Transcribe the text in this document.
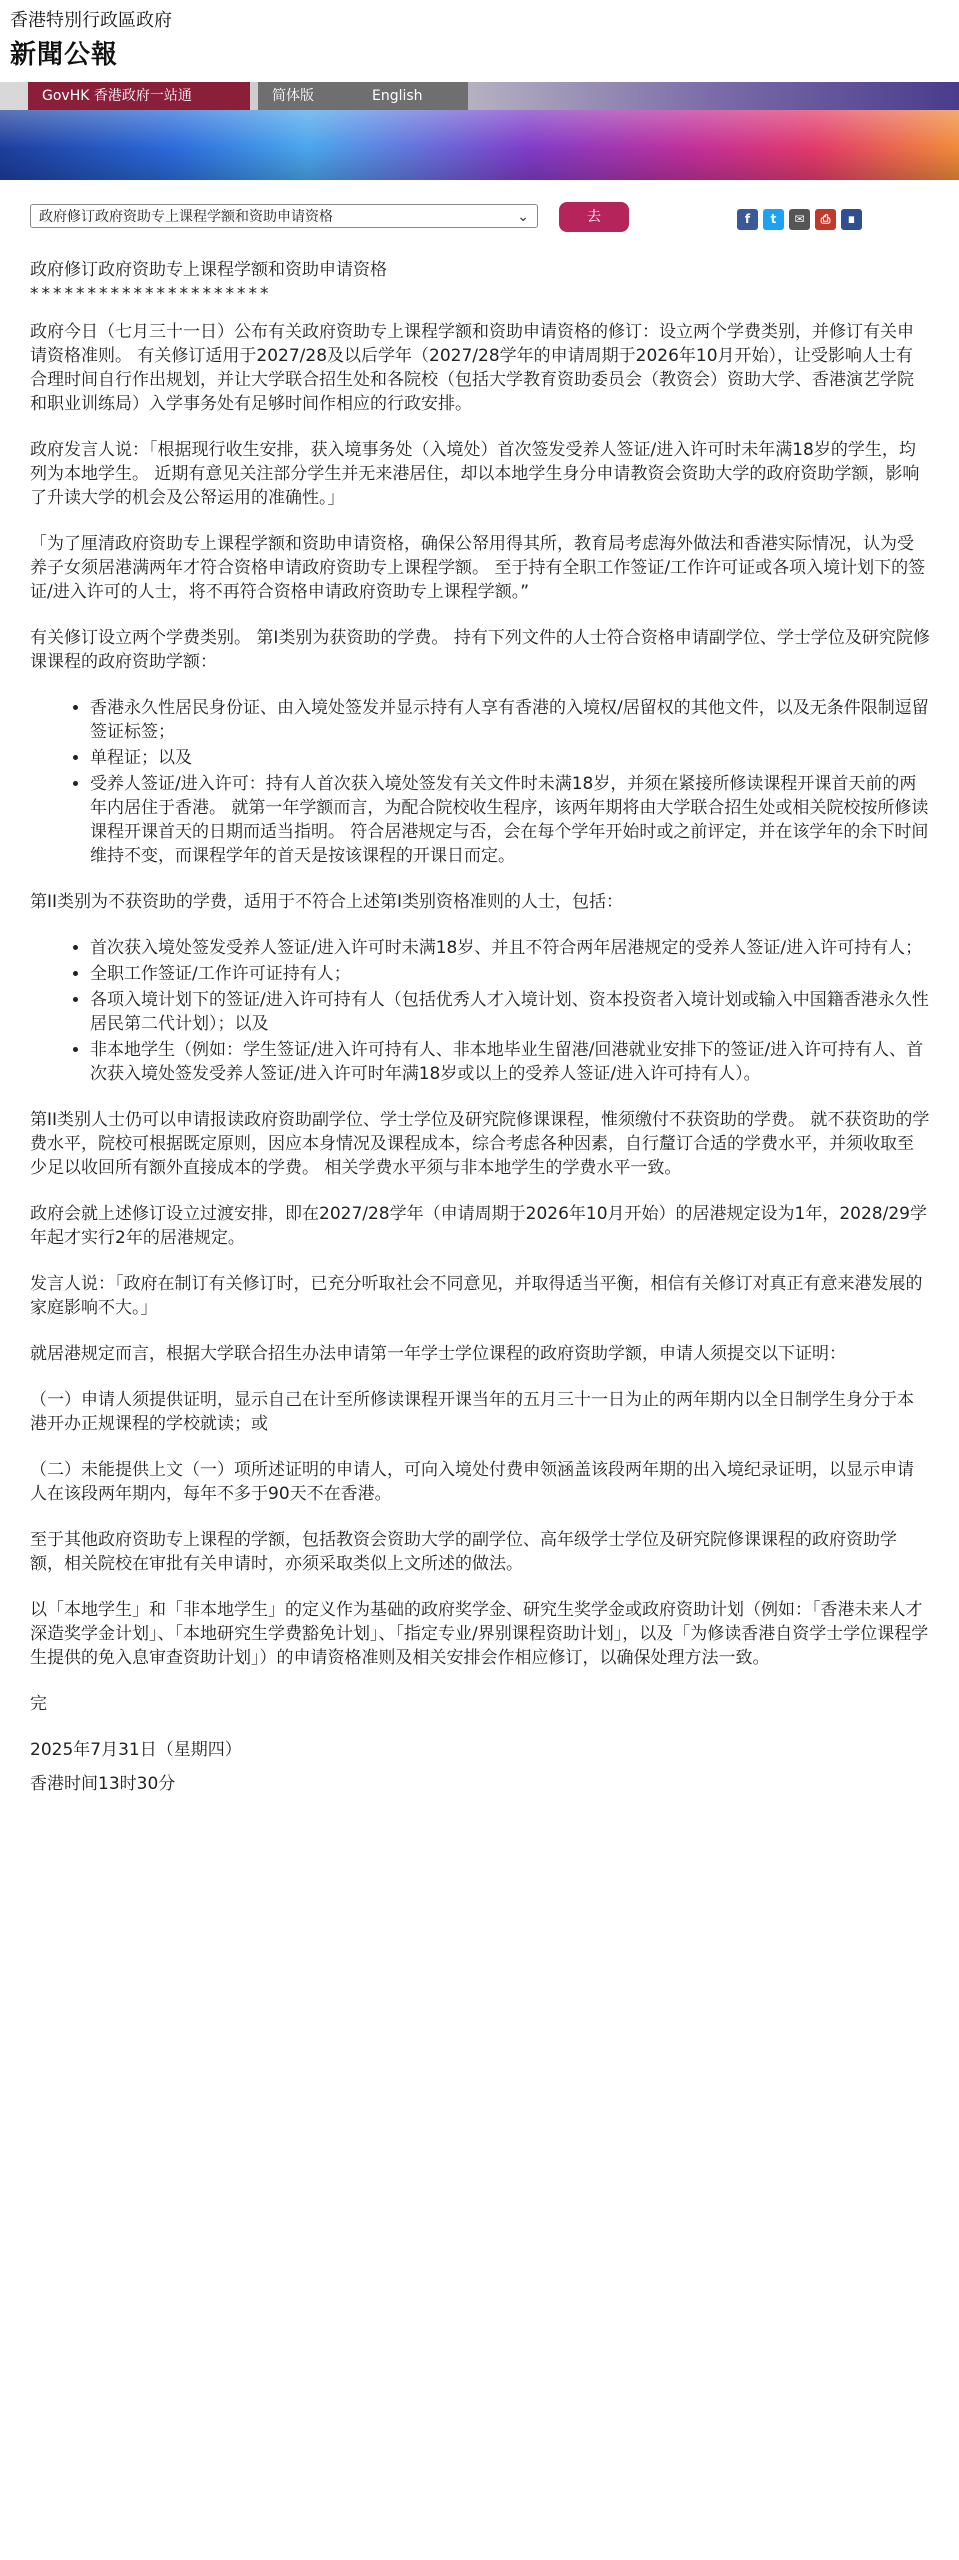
香港特別行政區政府
新聞公報
GovHK 香港政府一站通	简体版	English
政府修订政府资助专上课程学额和资助申请资格	⌄	去	f	t	✉	⎙	∎
政府修订政府资助专上课程学额和资助申请资格
*********************

政府今日（七月三十一日）公布有关政府资助专上课程学额和资助申请资格的修订：设立两个学费类别，并修订有关申请资格准则。 有关修订适用于2027/28及以后学年（2027/28学年的申请周期于2026年10月开始），让受影响人士有合理时间自行作出规划，并让大学联合招生处和各院校（包括大学教育资助委员会（教资会）资助大学、香港演艺学院和职业训练局）入学事务处有足够时间作相应的行政安排。

政府发言人说：「根据现行收生安排，获入境事务处（入境处）首次签发受养人签证/进入许可时未年满18岁的学生，均列为本地学生。 近期有意见关注部分学生并无来港居住，却以本地学生身分申请教资会资助大学的政府资助学额，影响了升读大学的机会及公帑运用的准确性。」

「为了厘清政府资助专上课程学额和资助申请资格，确保公帑用得其所，教育局考虑海外做法和香港实际情况，认为受养子女须居港满两年才符合资格申请政府资助专上课程学额。 至于持有全职工作签证/工作许可证或各项入境计划下的签证/进入许可的人士，将不再符合资格申请政府资助专上课程学额。”

有关修订设立两个学费类别。 第I类别为获资助的学费。 持有下列文件的人士符合资格申请副学位、学士学位及研究院修课课程的政府资助学额：

• 香港永久性居民身份证、由入境处签发并显示持有人享有香港的入境权/居留权的其他文件，以及无条件限制逗留签证标签；
• 单程证；以及
• 受养人签证/进入许可：持有人首次获入境处签发有关文件时未满18岁，并须在紧接所修读课程开课首天前的两年内居住于香港。 就第一年学额而言，为配合院校收生程序，该两年期将由大学联合招生处或相关院校按所修读课程开课首天的日期而适当指明。 符合居港规定与否，会在每个学年开始时或之前评定，并在该学年的余下时间维持不变，而课程学年的首天是按该课程的开课日而定。

第II类别为不获资助的学费，适用于不符合上述第I类别资格准则的人士，包括：

• 首次获入境处签发受养人签证/进入许可时未满18岁、并且不符合两年居港规定的受养人签证/进入许可持有人；
• 全职工作签证/工作许可证持有人；
• 各项入境计划下的签证/进入许可持有人（包括优秀人才入境计划、资本投资者入境计划或输入中国籍香港永久性居民第二代计划）；以及
• 非本地学生（例如：学生签证/进入许可持有人、非本地毕业生留港/回港就业安排下的签证/进入许可持有人、首次获入境处签发受养人签证/进入许可时年满18岁或以上的受养人签证/进入许可持有人）。

第II类别人士仍可以申请报读政府资助副学位、学士学位及研究院修课课程，惟须缴付不获资助的学费。 就不获资助的学费水平，院校可根据既定原则，因应本身情况及课程成本，综合考虑各种因素，自行釐订合适的学费水平，并须收取至少足以收回所有额外直接成本的学费。 相关学费水平须与非本地学生的学费水平一致。

政府会就上述修订设立过渡安排，即在2027/28学年（申请周期于2026年10月开始）的居港规定设为1年，2028/29学年起才实行2年的居港规定。

发言人说：「政府在制订有关修订时，已充分听取社会不同意见，并取得适当平衡，相信有关修订对真正有意来港发展的家庭影响不大。」

就居港规定而言，根据大学联合招生办法申请第一年学士学位课程的政府资助学额，申请人须提交以下证明：

（一）申请人须提供证明，显示自己在计至所修读课程开课当年的五月三十一日为止的两年期内以全日制学生身分于本港开办正规课程的学校就读；或

（二）未能提供上文（一）项所述证明的申请人，可向入境处付费申领涵盖该段两年期的出入境纪录证明，以显示申请人在该段两年期内，每年不多于90天不在香港。

至于其他政府资助专上课程的学额，包括教资会资助大学的副学位、高年级学士学位及研究院修课课程的政府资助学额，相关院校在审批有关申请时，亦须采取类似上文所述的做法。

以「本地学生」和「非本地学生」的定义作为基础的政府奖学金、研究生奖学金或政府资助计划（例如：「香港未来人才深造奖学金计划」、「本地研究生学费豁免计划」、「指定专业/界别课程资助计划」，以及「为修读香港自资学士学位课程学生提供的免入息审查资助计划」）的申请资格准则及相关安排会作相应修订，以确保处理方法一致。

完

2025年7月31日（星期四）

香港时间13时30分
